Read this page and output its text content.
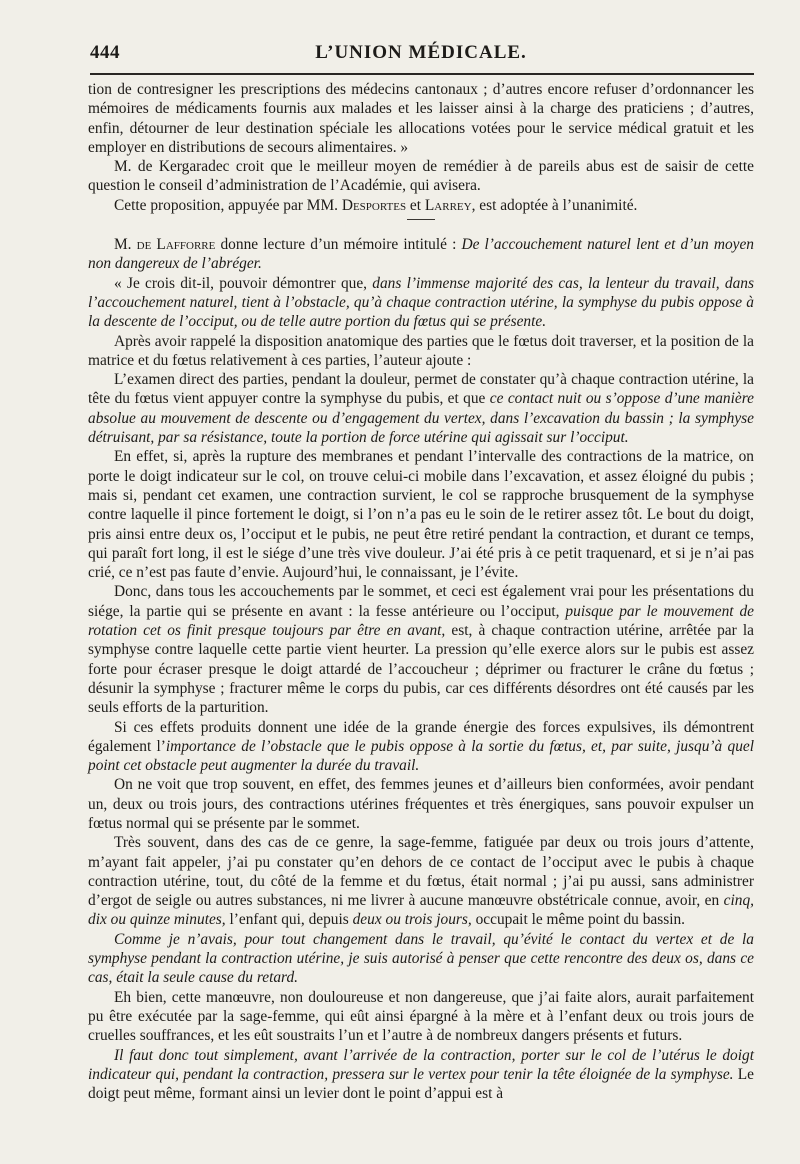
444	L’UNION MÉDICALE.

tion de contresigner les prescriptions des médecins cantonaux ; d’autres encore refuser d’ordonnancer les mémoires de médicaments fournis aux malades et les laisser ainsi à la charge des praticiens ; d’autres, enfin, détourner de leur destination spéciale les allocations votées pour le service médical gratuit et les employer en distributions de secours alimentaires. »

M. de Kergaradec croit que le meilleur moyen de remédier à de pareils abus est de saisir de cette question le conseil d’administration de l’Académie, qui avisera.

Cette proposition, appuyée par MM. Desportes et Larrey, est adoptée à l’unanimité.

M. de Lafforre donne lecture d’un mémoire intitulé : De l’accouchement naturel lent et d’un moyen non dangereux de l’abréger.

« Je crois dit-il, pouvoir démontrer que, dans l’immense majorité des cas, la lenteur du travail, dans l’accouchement naturel, tient à l’obstacle, qu’à chaque contraction utérine, la symphyse du pubis oppose à la descente de l’occiput, ou de telle autre portion du fœtus qui se présente.

Après avoir rappelé la disposition anatomique des parties que le fœtus doit traverser, et la position de la matrice et du fœtus relativement à ces parties, l’auteur ajoute :

L’examen direct des parties, pendant la douleur, permet de constater qu’à chaque contraction utérine, la tête du fœtus vient appuyer contre la symphyse du pubis, et que ce contact nuit ou s’oppose d’une manière absolue au mouvement de descente ou d’engagement du vertex, dans l’excavation du bassin ; la symphyse détruisant, par sa résistance, toute la portion de force utérine qui agissait sur l’occiput.

En effet, si, après la rupture des membranes et pendant l’intervalle des contractions de la matrice, on porte le doigt indicateur sur le col, on trouve celui-ci mobile dans l’excavation, et assez éloigné du pubis ; mais si, pendant cet examen, une contraction survient, le col se rapproche brusquement de la symphyse contre laquelle il pince fortement le doigt, si l’on n’a pas eu le soin de le retirer assez tôt. Le bout du doigt, pris ainsi entre deux os, l’occiput et le pubis, ne peut être retiré pendant la contraction, et durant ce temps, qui paraît fort long, il est le siége d’une très vive douleur. J’ai été pris à ce petit traquenard, et si je n’ai pas crié, ce n’est pas faute d’envie. Aujourd’hui, le connaissant, je l’évite.

Donc, dans tous les accouchements par le sommet, et ceci est également vrai pour les présentations du siége, la partie qui se présente en avant : la fesse antérieure ou l’occiput, puisque par le mouvement de rotation cet os finit presque toujours par être en avant, est, à chaque contraction utérine, arrêtée par la symphyse contre laquelle cette partie vient heurter. La pression qu’elle exerce alors sur le pubis est assez forte pour écraser presque le doigt attardé de l’accoucheur ; déprimer ou fracturer le crâne du fœtus ; désunir la symphyse ; fracturer même le corps du pubis, car ces différents désordres ont été causés par les seuls efforts de la parturition.

Si ces effets produits donnent une idée de la grande énergie des forces expulsives, ils démontrent également l’importance de l’obstacle que le pubis oppose à la sortie du fœtus, et, par suite, jusqu’à quel point cet obstacle peut augmenter la durée du travail.

On ne voit que trop souvent, en effet, des femmes jeunes et d’ailleurs bien conformées, avoir pendant un, deux ou trois jours, des contractions utérines fréquentes et très énergiques, sans pouvoir expulser un fœtus normal qui se présente par le sommet.

Très souvent, dans des cas de ce genre, la sage-femme, fatiguée par deux ou trois jours d’attente, m’ayant fait appeler, j’ai pu constater qu’en dehors de ce contact de l’occiput avec le pubis à chaque contraction utérine, tout, du côté de la femme et du fœtus, était normal ; j’ai pu aussi, sans administrer d’ergot de seigle ou autres substances, ni me livrer à aucune manœuvre obstétricale connue, avoir, en cinq, dix ou quinze minutes, l’enfant qui, depuis deux ou trois jours, occupait le même point du bassin.

Comme je n’avais, pour tout changement dans le travail, qu’évité le contact du vertex et de la symphyse pendant la contraction utérine, je suis autorisé à penser que cette rencontre des deux os, dans ce cas, était la seule cause du retard.

Eh bien, cette manœuvre, non douloureuse et non dangereuse, que j’ai faite alors, aurait parfaitement pu être exécutée par la sage-femme, qui eût ainsi épargné à la mère et à l’enfant deux ou trois jours de cruelles souffrances, et les eût soustraits l’un et l’autre à de nombreux dangers présents et futurs.

Il faut donc tout simplement, avant l’arrivée de la contraction, porter sur le col de l’utérus le doigt indicateur qui, pendant la contraction, pressera sur le vertex pour tenir la tête éloignée de la symphyse. Le doigt peut même, formant ainsi un levier dont le point d’appui est à
